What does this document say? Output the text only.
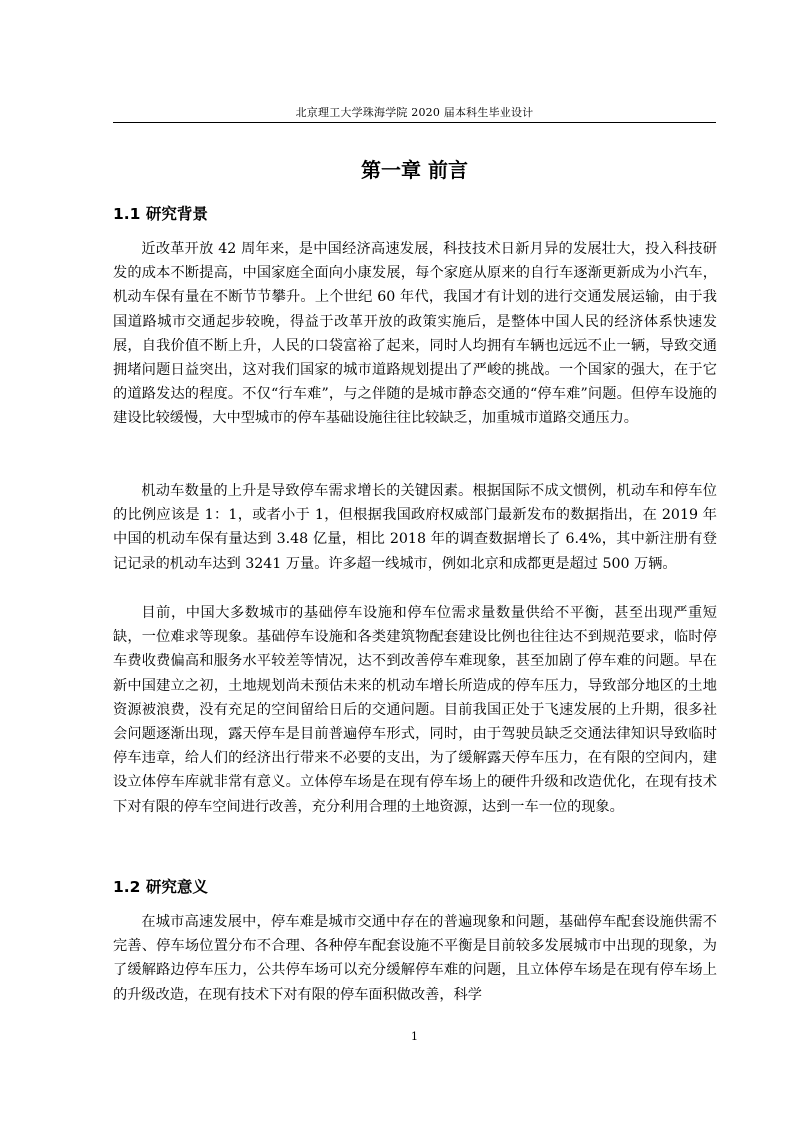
北京理工大学珠海学院 2020 届本科生毕业设计
第一章 前言
1.1 研究背景
近改革开放 42 周年来，是中国经济高速发展，科技技术日新月异的发展壮大，投入科技研发的成本不断提高，中国家庭全面向小康发展，每个家庭从原来的自行车逐渐更新成为小汽车，机动车保有量在不断节节攀升。上个世纪 60 年代，我国才有计划的进行交通发展运输，由于我国道路城市交通起步较晚，得益于改革开放的政策实施后，是整体中国人民的经济体系快速发展，自我价值不断上升，人民的口袋富裕了起来，同时人均拥有车辆也远远不止一辆，导致交通拥堵问题日益突出，这对我们国家的城市道路规划提出了严峻的挑战。一个国家的强大，在于它的道路发达的程度。不仅“行车难”，与之伴随的是城市静态交通的“停车难”问题。但停车设施的建设比较缓慢，大中型城市的停车基础设施往往比较缺乏，加重城市道路交通压力。
机动车数量的上升是导致停车需求增长的关键因素。根据国际不成文惯例，机动车和停车位的比例应该是 1：1，或者小于 1，但根据我国政府权威部门最新发布的数据指出，在 2019 年中国的机动车保有量达到 3.48 亿量，相比 2018 年的调查数据增长了 6.4%，其中新注册有登记记录的机动车达到 3241 万量。许多超一线城市，例如北京和成都更是超过 500 万辆。
目前，中国大多数城市的基础停车设施和停车位需求量数量供给不平衡，甚至出现严重短缺，一位难求等现象。基础停车设施和各类建筑物配套建设比例也往往达不到规范要求，临时停车费收费偏高和服务水平较差等情况，达不到改善停车难现象，甚至加剧了停车难的问题。早在新中国建立之初，土地规划尚未预估未来的机动车增长所造成的停车压力，导致部分地区的土地资源被浪费，没有充足的空间留给日后的交通问题。目前我国正处于飞速发展的上升期，很多社会问题逐渐出现，露天停车是目前普遍停车形式，同时，由于驾驶员缺乏交通法律知识导致临时停车违章，给人们的经济出行带来不必要的支出，为了缓解露天停车压力，在有限的空间内，建设立体停车库就非常有意义。立体停车场是在现有停车场上的硬件升级和改造优化，在现有技术下对有限的停车空间进行改善，充分利用合理的土地资源，达到一车一位的现象。
1.2 研究意义
在城市高速发展中，停车难是城市交通中存在的普遍现象和问题，基础停车配套设施供需不完善、停车场位置分布不合理、各种停车配套设施不平衡是目前较多发展城市中出现的现象，为了缓解路边停车压力，公共停车场可以充分缓解停车难的问题，且立体停车场是在现有停车场上的升级改造，在现有技术下对有限的停车面积做改善，科学
1
